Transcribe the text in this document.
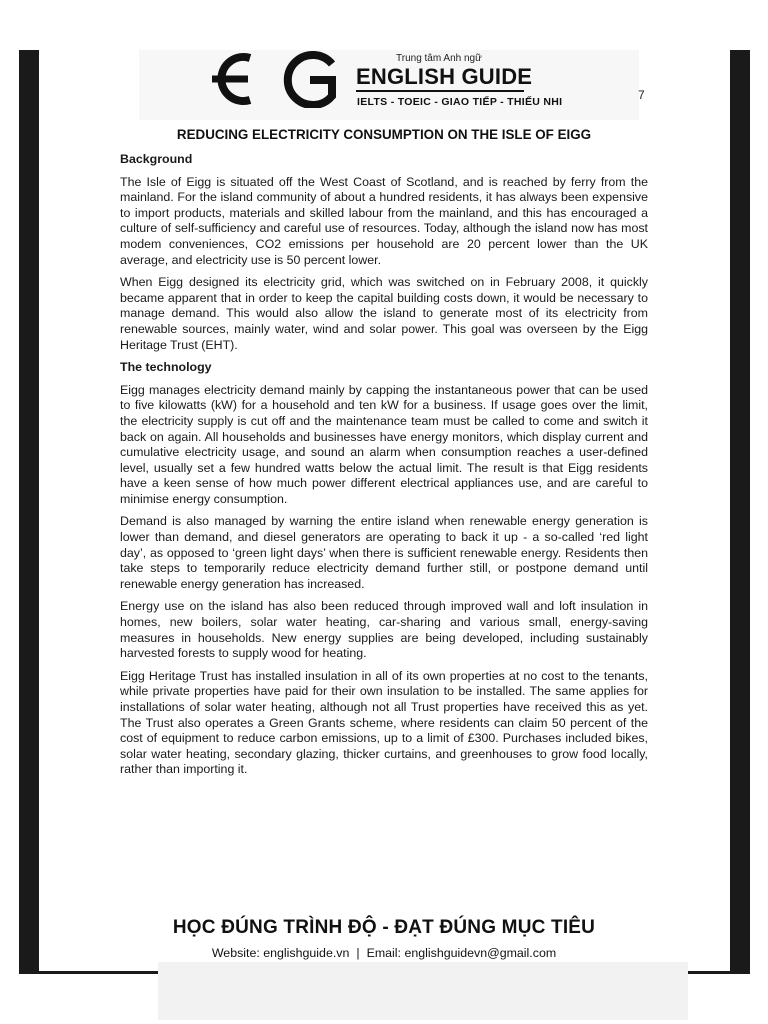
Trung tâm Anh ngữ
ENGLISH GUIDE
IELTS - TOEIC - GIAO TIẾP - THIẾU NHI	7
REDUCING ELECTRICITY CONSUMPTION ON THE ISLE OF EIGG
Background

The Isle of Eigg is situated off the West Coast of Scotland, and is reached by ferry from the mainland. For the island community of about a hundred residents, it has always been expensive to import products, materials and skilled labour from the mainland, and this has encouraged a culture of self-sufficiency and careful use of resources. Today, although the island now has most modem conveniences, CO2 emissions per household are 20 percent lower than the UK average, and electricity use is 50 percent lower.

When Eigg designed its electricity grid, which was switched on in February 2008, it quickly became apparent that in order to keep the capital building costs down, it would be necessary to manage demand. This would also allow the island to generate most of its electricity from renewable sources, mainly water, wind and solar power. This goal was overseen by the Eigg Heritage Trust (EHT).

The technology

Eigg manages electricity demand mainly by capping the instantaneous power that can be used to five kilowatts (kW) for a household and ten kW for a business. If usage goes over the limit, the electricity supply is cut off and the maintenance team must be called to come and switch it back on again. All households and businesses have energy monitors, which display current and cumulative electricity usage, and sound an alarm when consumption reaches a user-defined level, usually set a few hundred watts below the actual limit. The result is that Eigg residents have a keen sense of how much power different electrical appliances use, and are careful to minimise energy consumption.

Demand is also managed by warning the entire island when renewable energy generation is lower than demand, and diesel generators are operating to back it up - a so-called ‘red light day’, as opposed to ‘green light days’ when there is sufficient renewable energy. Residents then take steps to temporarily reduce electricity demand further still, or postpone demand until renewable energy generation has increased.

Energy use on the island has also been reduced through improved wall and loft insulation in homes, new boilers, solar water heating, car-sharing and various small, energy-saving measures in households. New energy supplies are being developed, including sustainably harvested forests to supply wood for heating.

Eigg Heritage Trust has installed insulation in all of its own properties at no cost to the tenants, while private properties have paid for their own insulation to be installed. The same applies for installations of solar water heating, although not all Trust properties have received this as yet. The Trust also operates a Green Grants scheme, where residents can claim 50 percent of the cost of equipment to reduce carbon emissions, up to a limit of £300. Purchases included bikes, solar water heating, secondary glazing, thicker curtains, and greenhouses to grow food locally, rather than importing it.

HỌC ĐÚNG TRÌNH ĐỘ - ĐẠT ĐÚNG MỤC TIÊU
Website: englishguide.vn | Email: englishguidevn@gmail.com
